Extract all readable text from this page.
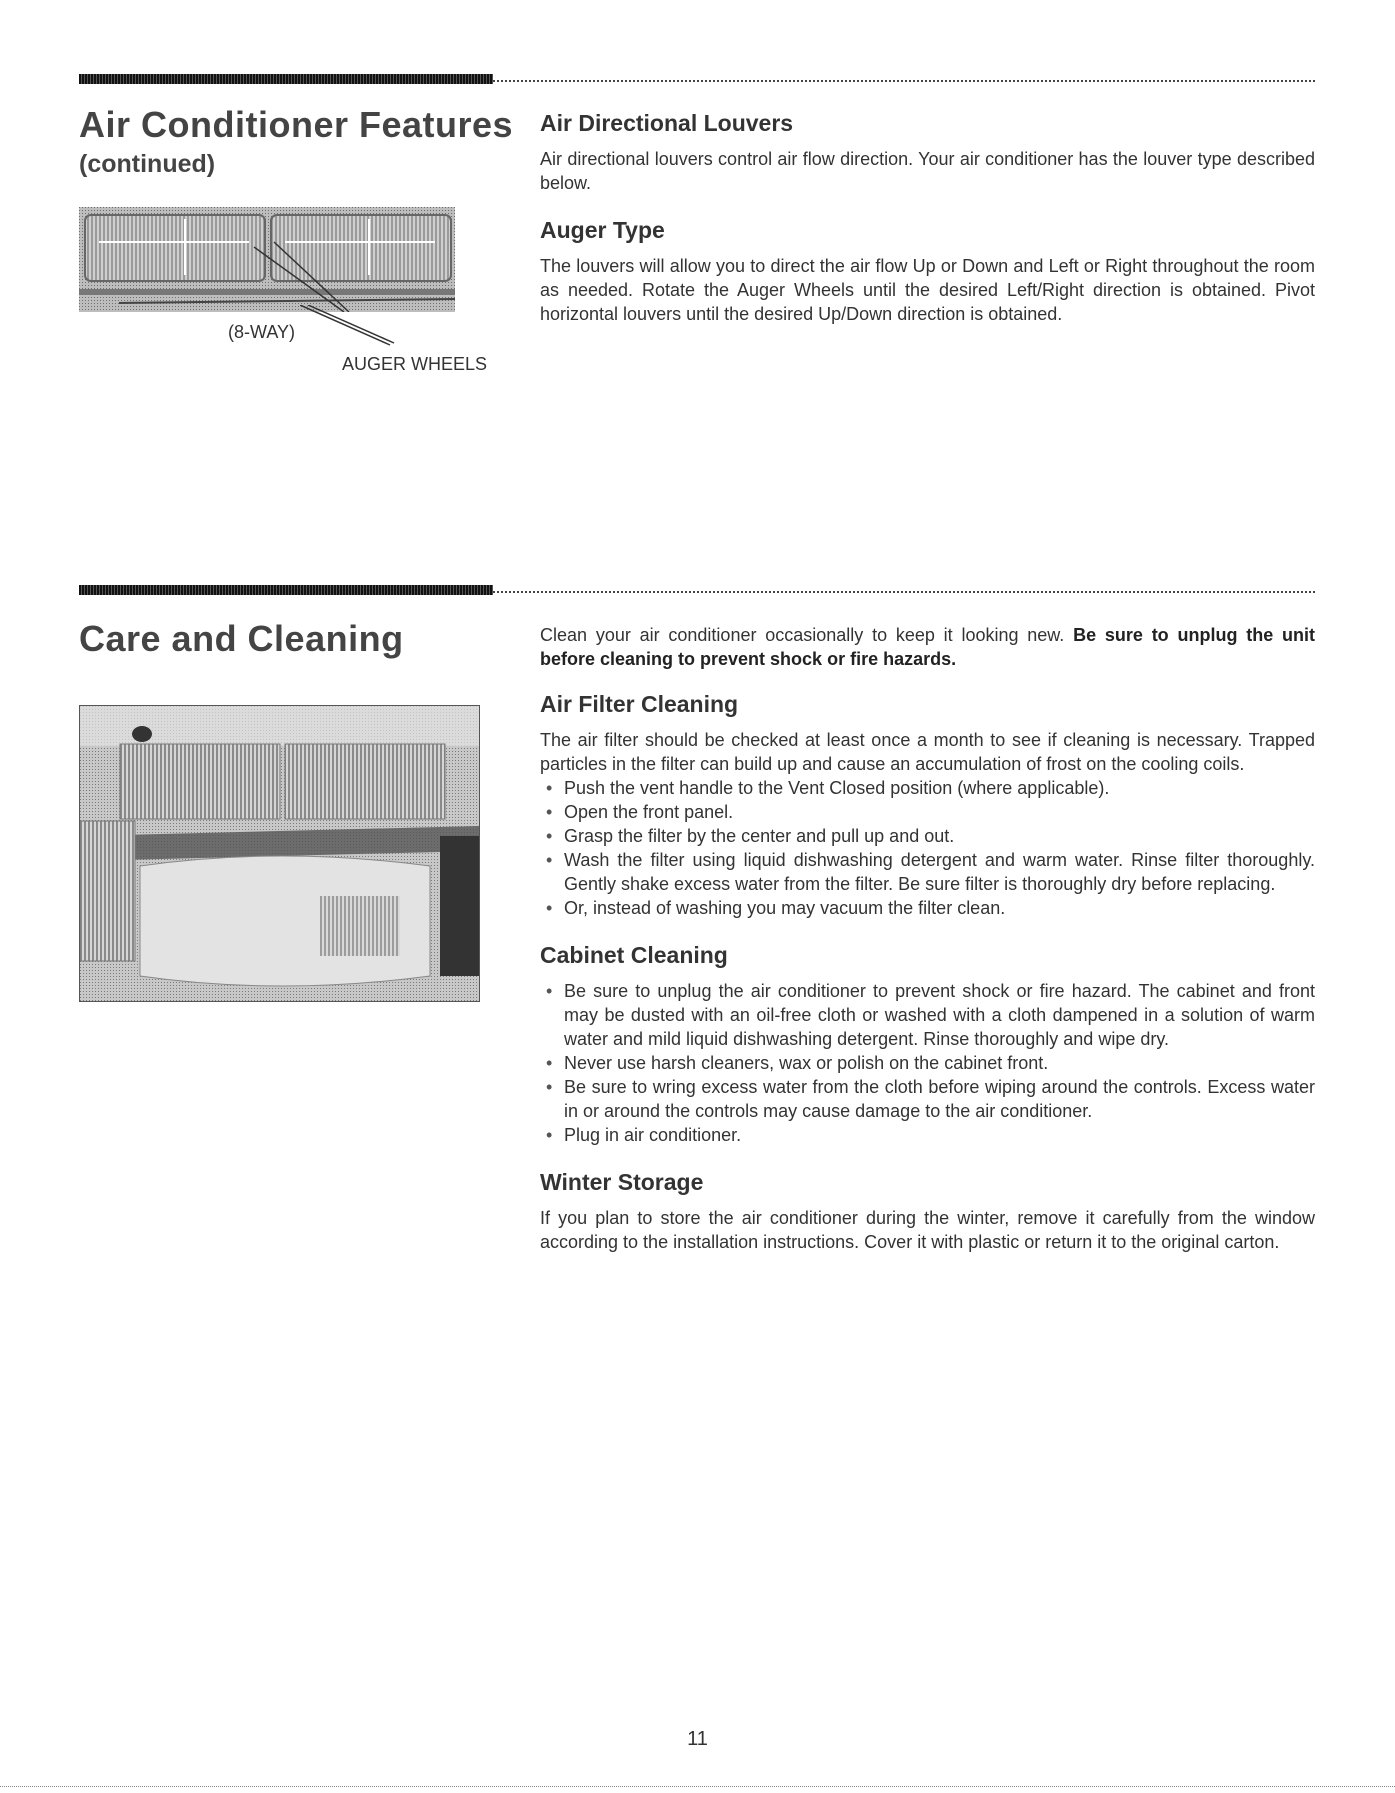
Air Conditioner Features
(continued)
(8-WAY)
AUGER WHEELS
Air Directional Louvers

Air directional louvers control air flow direction. Your air conditioner has the louver type described below.

Auger Type

The louvers will allow you to direct the air flow Up or Down and Left or Right throughout the room as needed. Rotate the Auger Wheels until the desired Left/Right direction is obtained. Pivot horizontal louvers until the desired Up/Down direction is obtained.

Care and Cleaning	Clean your air conditioner occasionally to keep it looking new. Be sure to unplug the unit before cleaning to prevent shock or fire hazards.

Air Filter Cleaning

The air filter should be checked at least once a month to see if cleaning is necessary. Trapped particles in the filter can build up and cause an accumulation of frost on the cooling coils.

• Push the vent handle to the Vent Closed position (where applicable).
• Open the front panel.
• Grasp the filter by the center and pull up and out.
• Wash the filter using liquid dishwashing detergent and warm water. Rinse filter thoroughly. Gently shake excess water from the filter. Be sure filter is thoroughly dry before replacing.
• Or, instead of washing you may vacuum the filter clean.
Cabinet Cleaning
• Be sure to unplug the air conditioner to prevent shock or fire hazard. The cabinet and front may be dusted with an oil-free cloth or washed with a cloth dampened in a solution of warm water and mild liquid dishwashing detergent. Rinse thoroughly and wipe dry.
• Never use harsh cleaners, wax or polish on the cabinet front.
• Be sure to wring excess water from the cloth before wiping around the controls. Excess water in or around the controls may cause damage to the air conditioner.
• Plug in air conditioner.
Winter Storage

If you plan to store the air conditioner during the winter, remove it carefully from the window according to the installation instructions. Cover it with plastic or return it to the original carton.

11
